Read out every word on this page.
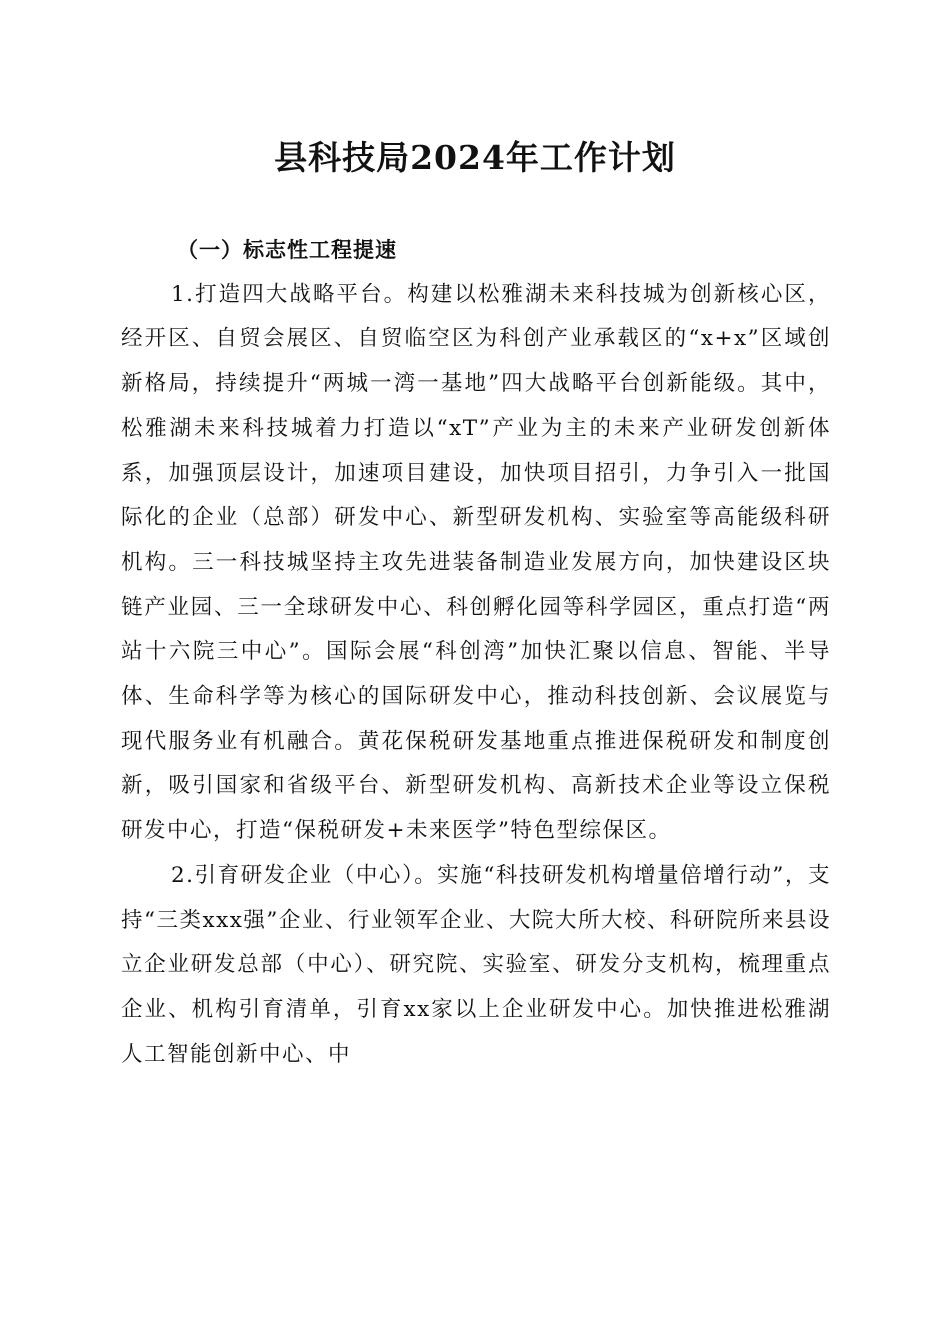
县科技局2024年工作计划

（一）标志性工程提速

1.打造四大战略平台。构建以松雅湖未来科技城为创新核心区，经开区、自贸会展区、自贸临空区为科创产业承载区的“x+x”区域创新格局，持续提升“两城一湾一基地”四大战略平台创新能级。其中，松雅湖未来科技城着力打造以“xT”产业为主的未来产业研发创新体系，加强顶层设计，加速项目建设，加快项目招引，力争引入一批国际化的企业（总部）研发中心、新型研发机构、实验室等高能级科研机构。三一科技城坚持主攻先进装备制造业发展方向，加快建设区块链产业园、三一全球研发中心、科创孵化园等科学园区，重点打造“两站十六院三中心”。国际会展“科创湾”加快汇聚以信息、智能、半导体、生命科学等为核心的国际研发中心，推动科技创新、会议展览与现代服务业有机融合。黄花保税研发基地重点推进保税研发和制度创新，吸引国家和省级平台、新型研发机构、高新技术企业等设立保税研发中心，打造“保税研发+未来医学”特色型综保区。

2.引育研发企业（中心）。实施“科技研发机构增量倍增行动”，支持“三类xxx强”企业、行业领军企业、大院大所大校、科研院所来县设立企业研发总部（中心）、研究院、实验室、研发分支机构，梳理重点企业、机构引育清单，引育xx家以上企业研发中心。加快推进松雅湖人工智能创新中心、中
